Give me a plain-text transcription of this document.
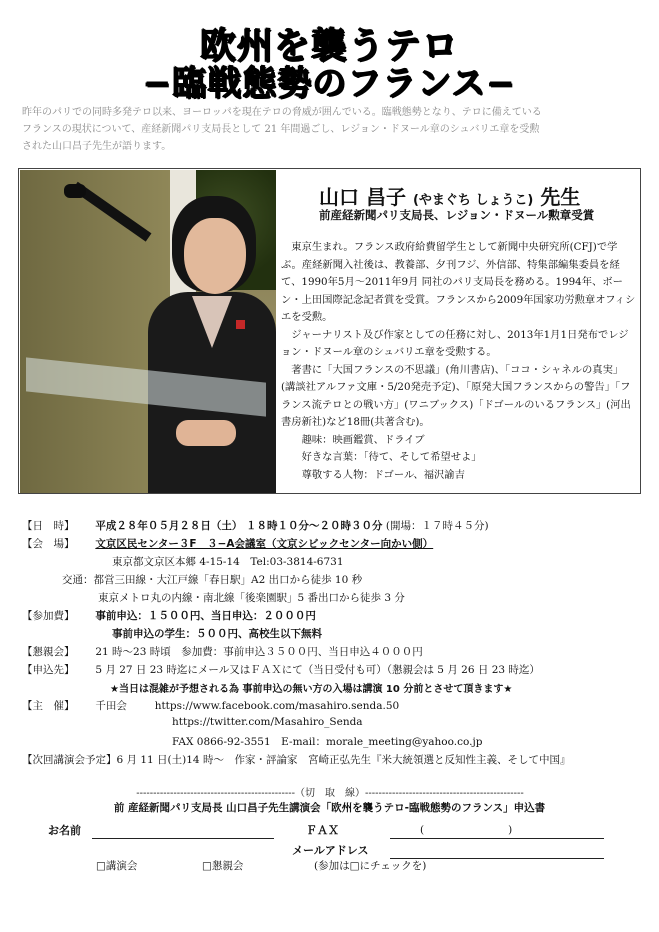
欧州を襲うテロ
−臨戦態勢のフランス−
昨年のパリでの同時多発テロ以来、ヨーロッパを現在テロの脅威が囲んでいる。臨戦態勢となり、テロに備えている
フランスの現状について、産経新聞パリ支局長として 21 年間過ごし、レジョン・ドヌール章のシュバリエ章を受勲
された山口昌子先生が語ります。
山口 昌子 (やまぐち しょうこ) 先生
前産経新聞パリ支局長、レジョン・ドヌール勲章受賞

東京生まれ。フランス政府給費留学生として新聞中央研究所(CFJ)で学ぶ。産経新聞入社後は、教養部、夕刊フジ、外信部、特集部編集委員を経て、1990年5月～2011年9月 同社のパリ支局長を務める。1994年、ボーン・上田国際記念記者賞を受賞。フランスから2009年国家功労勲章オフィシエを受勲。

ジャーナリスト及び作家としての任務に対し、2013年1月1日発布でレジョン・ドヌール章のシュバリエ章を受勲する。

著書に「大国フランスの不思議」(角川書店)、「ココ・シャネルの真実」(講談社アルファ文庫・5/20発売予定)、「原発大国フランスからの警告」「フランス流テロとの戦い方」(ワニブックス)「ドゴールのいるフランス」(河出書房新社)など18冊(共著含む)。

趣味：映画鑑賞、ドライブ

好きな言葉：「待て、そして希望せよ」

尊敬する人物：ドゴール、福沢諭吉

【日　時】 平成２８年０５月２８日（土） １８時１０分～２０時３０分 (開場：１７時４５分)
【会　場】 文京区民センター３F　３−A会議室（文京シビックセンター向かい側）
東京都文京区本郷 4-15-14　Tel:03-3814-6731
交通：都営三田線・大江戸線「春日駅」A2 出口から徒歩 10 秒
東京メトロ丸の内線・南北線「後楽園駅」5 番出口から徒歩 3 分
【参加費】 事前申込：１５００円、当日申込：２０００円
事前申込の学生：５００円、高校生以下無料
【懇親会】 21 時～23 時頃　参加費：事前申込３５００円、当日申込４０００円
【申込先】 5 月 27 日 23 時迄にメール又はＦＡＸにて（当日受付も可）（懇親会は 5 月 26 日 23 時迄）
★当日は混雑が予想される為 事前申込の無い方の入場は講演 10 分前とさせて頂きます★
【主　催】 千田会	https://www.facebook.com/masahiro.senda.50
https://twitter.com/Masahiro_Senda
FAX 0866-92-3551　E-mail：morale_meeting@yahoo.co.jp
【次回講演会予定】6 月 11 日(土)14 時～　作家・評論家　宮崎正弘先生『米大統領選と反知性主義、そして中国』
-----------------------------------------------（切　取　線）-----------------------------------------------
前 産経新聞パリ支局長 山口昌子先生講演会「欧州を襲うテロ-臨戦態勢のフランス」申込書
お名前	ＦＡＸ	(　　　　　　　　)
メールアドレス
□講演会	□懇親会	(参加は□にチェックを)
